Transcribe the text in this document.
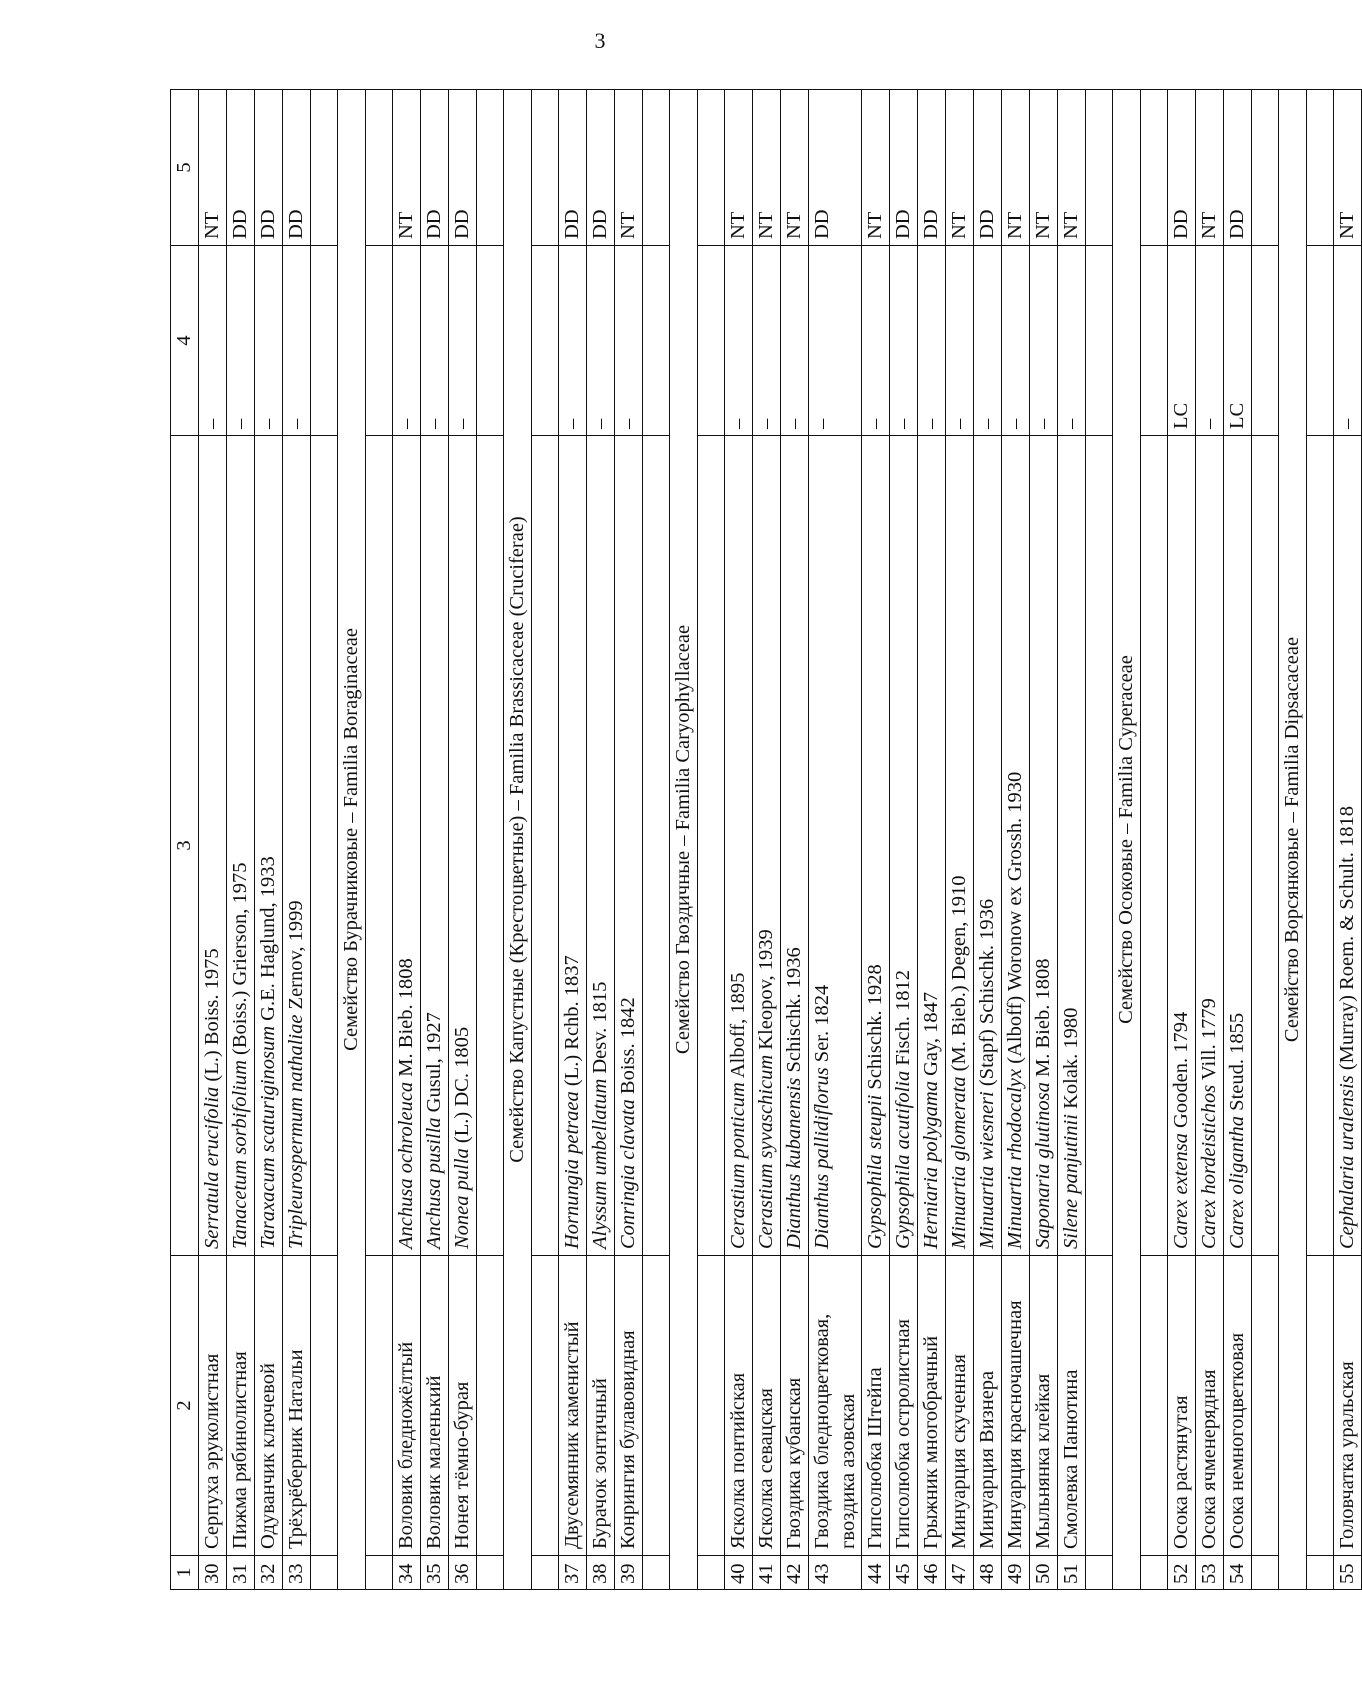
3
1	2	3	4	5
30	Серпуха эруколистная	Serratula erucifolia (L.) Boiss. 1975	–	NT
31	Пижма рябинолистная	Tanacetum sorbifolium (Boiss.) Grierson, 1975	–	DD
32	Одуванчик ключевой	Taraxacum scaturiginosum G.E. Haglund, 1933	–	DD
33	Трёхрёберник Натальи	Tripleurospermum nathaliae Zernov, 1999	–	DD

Семейство Бурачниковые – Familia Boraginaceae				

34	Воловик бледножёлтый	Anchusa ochroleuca M. Bieb. 1808	–	NT
35	Воловик маленький	Anchusa pusilla Gusul, 1927	–	DD
36	Нонея тёмно-бурая	Nonea pulla (L.) DC. 1805	–	DD

Семейство Капустные (Крестоцветные) – Familia Brassicaceae (Cruciferae)				

37	Двусемянник каменистый	Hornungia petraea (L.) Rchb. 1837	–	DD
38	Бурачок зонтичный	Alyssum umbellatum Desv. 1815	–	DD
39	Конрингия булавовидная	Conringia clavata Boiss. 1842	–	NT

Семейство Гвоздичные – Familia Caryophyllaceae				

40	Ясколка понтийская	Cerastium ponticum Alboff, 1895	–	NT
41	Ясколка севацская	Cerastium syvaschicum Kleopov, 1939	–	NT
42	Гвоздика кубанская	Dianthus kubanensis Schischk. 1936	–	NT
43	Гвоздика бледноцветковая, гвоздика азовская	Dianthus pallidiflorus Ser. 1824	–	DD
44	Гипсолюбка Штейпа	Gypsophila steupii Schischk. 1928	–	NT
45	Гипсолюбка остролистная	Gypsophila acutifolia Fisch. 1812	–	DD
46	Грыжник многобрачный	Herniaria polygama Gay, 1847	–	DD
47	Минуарция скученная	Minuartia glomerata (M. Bieb.) Degen, 1910	–	NT
48	Минуарция Визнера	Minuartia wiesneri (Stapf) Schischk. 1936	–	DD
49	Минуарция красночашечная	Minuartia rhodocalyx (Alboff) Woronow ex Grossh. 1930	–	NT
50	Мыльнянка клейкая	Saponaria glutinosa M. Bieb. 1808	–	NT
51	Смолевка Панютина	Silene panjutinii Kolak. 1980	–	NT

Семейство Осоковые – Familia Cyperaceae				

52	Осока растянутая	Carex extensa Gooden. 1794	LC	DD
53	Осока ячменерядная	Carex hordeistichos Vill. 1779	–	NT
54	Осока немногоцветковая	Carex oligantha Steud. 1855	LC	DD

Семейство Ворсянковые – Familia Dipsacaceae				

55	Головчатка уральская	Cephalaria uralensis (Murray) Roem. & Schult. 1818	–	NT
